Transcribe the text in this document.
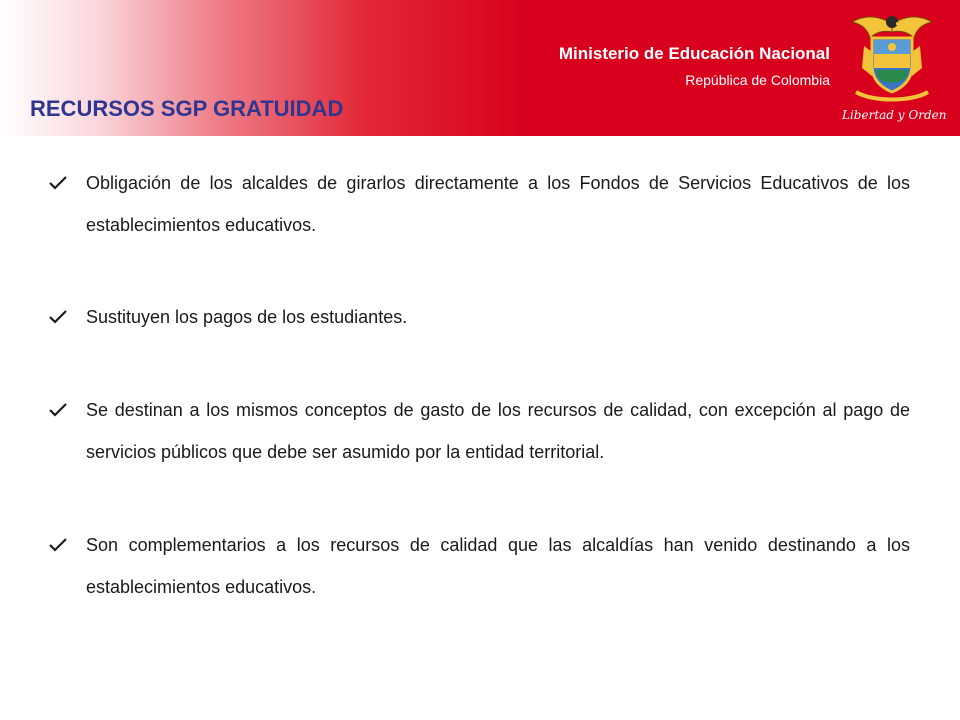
Ministerio de Educación Nacional
República de Colombia
Libertad y Orden
RECURSOS SGP GRATUIDAD
Obligación de los alcaldes de girarlos directamente a los Fondos de Servicios Educativos de los establecimientos educativos.
Sustituyen los pagos de los estudiantes.
Se destinan a los mismos conceptos de gasto de los recursos de calidad, con excepción al pago de servicios públicos que debe ser asumido por la entidad territorial.
Son complementarios a los recursos de calidad que las alcaldías han venido destinando a los establecimientos educativos.
